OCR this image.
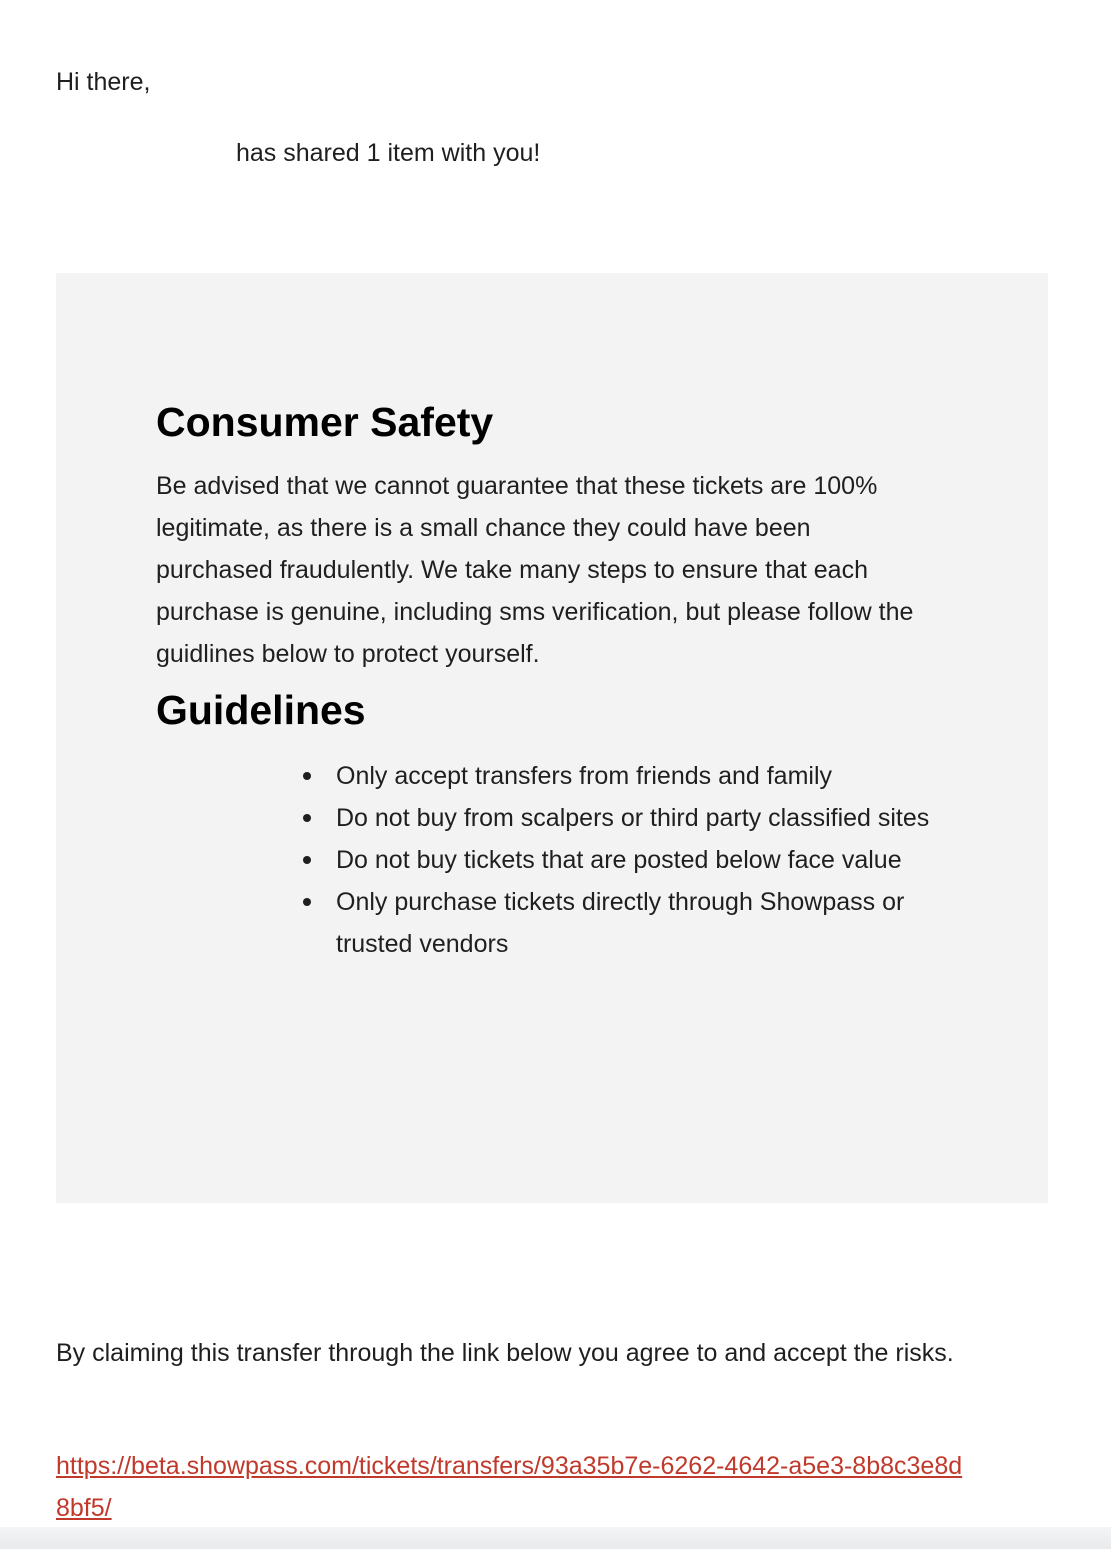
Hi there,

has shared 1 item with you!

Consumer Safety

Be advised that we cannot guarantee that these tickets are 100% legitimate, as there is a small chance they could have been purchased fraudulently. We take many steps to ensure that each purchase is genuine, including sms verification, but please follow the guidlines below to protect yourself.

Guidelines
Only accept transfers from friends and family
Do not buy from scalpers or third party classified sites
Do not buy tickets that are posted below face value
Only purchase tickets directly through Showpass or trusted vendors

By claiming this transfer through the link below you agree to and accept the risks.

https://beta.showpass.com/tickets/transfers/93a35b7e-6262-4642-a5e3-8b8c3e8d8bf5/
